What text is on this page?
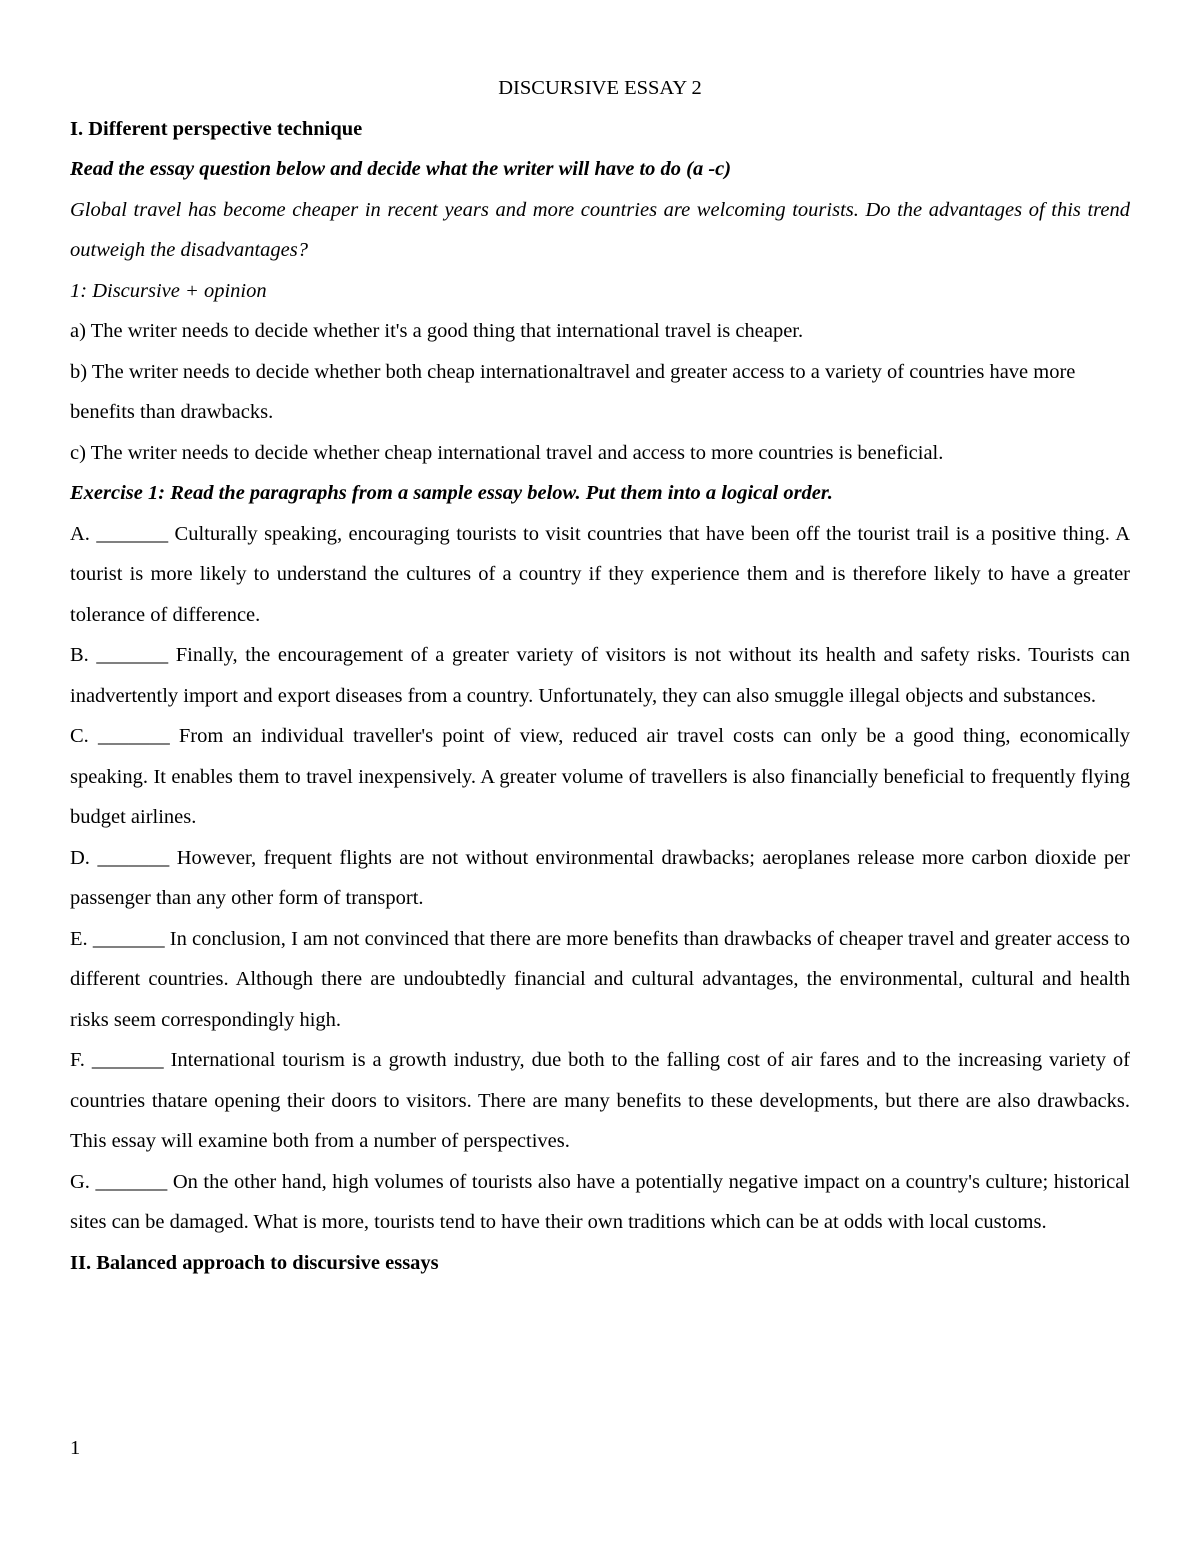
DISCURSIVE ESSAY 2

I. Different perspective technique

Read the essay question below and decide what the writer will have to do (a -c)

Global travel has become cheaper in recent years and more countries are welcoming tourists. Do the advantages of this trend outweigh the disadvantages?

1: Discursive + opinion

a) The writer needs to decide whether it's a good thing that international travel is cheaper.

b) The writer needs to decide whether both cheap internationaltravel and greater access to a variety of countries have more benefits than drawbacks.

c) The writer needs to decide whether cheap international travel and access to more countries is beneficial.

Exercise 1: Read the paragraphs from a sample essay below. Put them into a logical order.

A. _______ Culturally speaking, encouraging tourists to visit countries that have been off the tourist trail is a positive thing. A tourist is more likely to understand the cultures of a country if they experience them and is therefore likely to have a greater tolerance of difference.

B. _______ Finally, the encouragement of a greater variety of visitors is not without its health and safety risks. Tourists can inadvertently import and export diseases from a country. Unfortunately, they can also smuggle illegal objects and substances.

C. _______ From an individual traveller's point of view, reduced air travel costs can only be a good thing, economically speaking. It enables them to travel inexpensively. A greater volume of travellers is also financially beneficial to frequently flying budget airlines.

D. _______ However, frequent flights are not without environmental drawbacks; aeroplanes release more carbon dioxide per passenger than any other form of transport.

E. _______ In conclusion, I am not convinced that there are more benefits than drawbacks of cheaper travel and greater access to different countries. Although there are undoubtedly financial and cultural advantages, the environmental, cultural and health risks seem correspondingly high.

F. _______ International tourism is a growth industry, due both to the falling cost of air fares and to the increasing variety of countries thatare opening their doors to visitors. There are many benefits to these developments, but there are also drawbacks. This essay will examine both from a number of perspectives.

G. _______ On the other hand, high volumes of tourists also have a potentially negative impact on a country's culture; historical sites can be damaged. What is more, tourists tend to have their own traditions which can be at odds with local customs.

II. Balanced approach to discursive essays

1
